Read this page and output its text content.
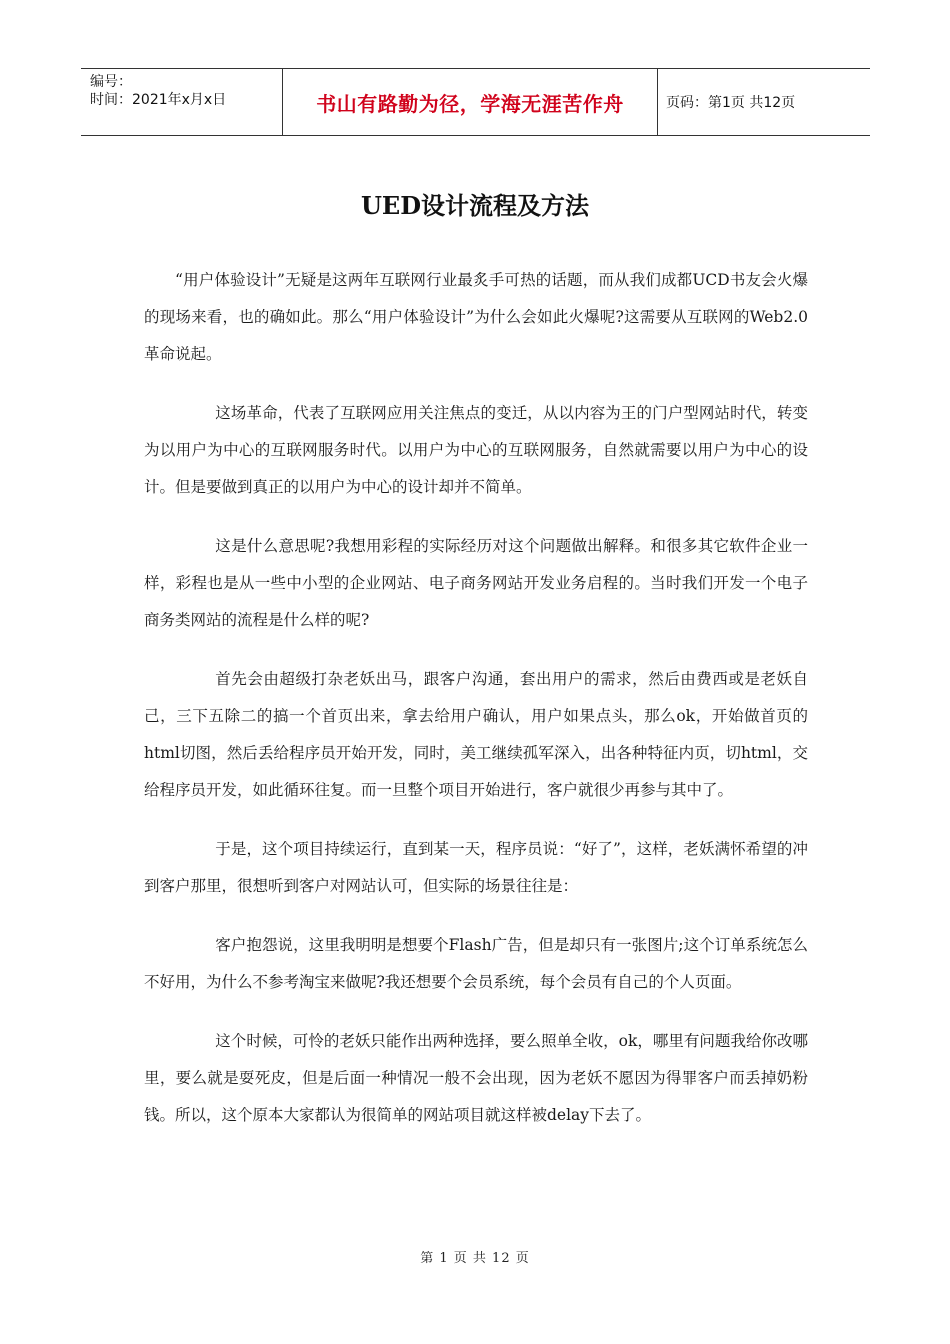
编号：
时间：2021年x月x日	书山有路勤为径，学海无涯苦作舟	页码：第1页 共12页
UED设计流程及方法

“用户体验设计”无疑是这两年互联网行业最炙手可热的话题，而从我们成都UCD书友会火爆的现场来看，也的确如此。那么“用户体验设计”为什么会如此火爆呢?这需要从互联网的Web2.0革命说起。

这场革命，代表了互联网应用关注焦点的变迁，从以内容为王的门户型网站时代，转变为以用户为中心的互联网服务时代。以用户为中心的互联网服务，自然就需要以用户为中心的设计。但是要做到真正的以用户为中心的设计却并不简单。

这是什么意思呢?我想用彩程的实际经历对这个问题做出解释。和很多其它软件企业一样，彩程也是从一些中小型的企业网站、电子商务网站开发业务启程的。当时我们开发一个电子商务类网站的流程是什么样的呢?

首先会由超级打杂老妖出马，跟客户沟通，套出用户的需求，然后由费西或是老妖自己，三下五除二的搞一个首页出来，拿去给用户确认，用户如果点头，那么ok，开始做首页的html切图，然后丢给程序员开始开发，同时，美工继续孤军深入，出各种特征内页，切html，交给程序员开发，如此循环往复。而一旦整个项目开始进行，客户就很少再参与其中了。

于是，这个项目持续运行，直到某一天，程序员说：“好了”，这样，老妖满怀希望的冲到客户那里，很想听到客户对网站认可，但实际的场景往往是：

客户抱怨说，这里我明明是想要个Flash广告，但是却只有一张图片;这个订单系统怎么不好用，为什么不参考淘宝来做呢?我还想要个会员系统，每个会员有自己的个人页面。

这个时候，可怜的老妖只能作出两种选择，要么照单全收，ok，哪里有问题我给你改哪里，要么就是耍死皮，但是后面一种情况一般不会出现，因为老妖不愿因为得罪客户而丢掉奶粉钱。所以，这个原本大家都认为很简单的网站项目就这样被delay下去了。

第 1 页 共 12 页
